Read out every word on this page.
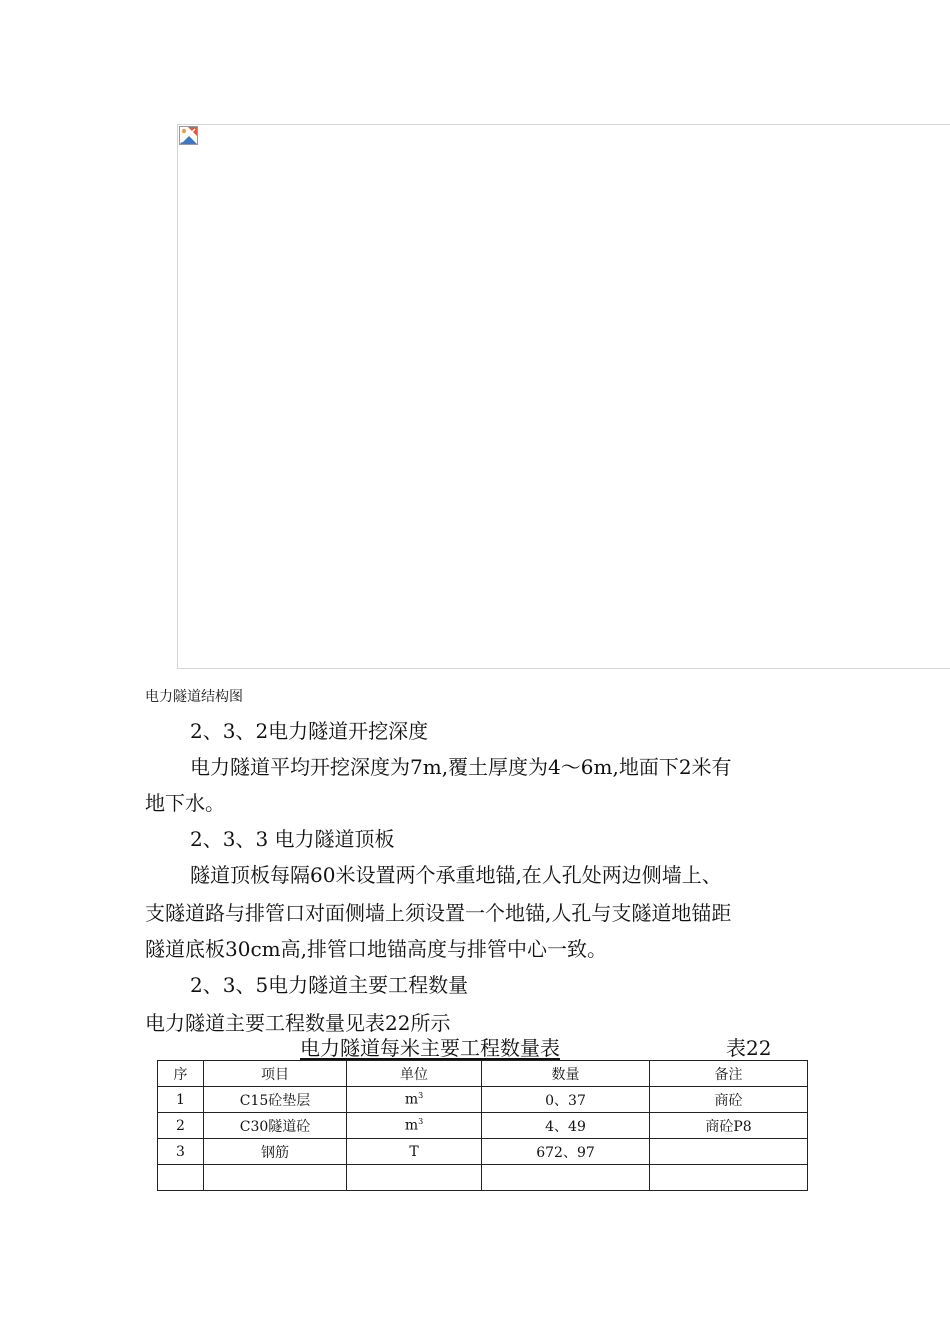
电力隧道结构图
2、3、2电力隧道开挖深度
电力隧道平均开挖深度为7m,覆土厚度为4～6m,地面下2米有
地下水。
2、3、3 电力隧道顶板
隧道顶板每隔60米设置两个承重地锚,在人孔处两边侧墙上、
支隧道路与排管口对面侧墙上须设置一个地锚,人孔与支隧道地锚距
隧道底板30cm高,排管口地锚高度与排管中心一致。
2、3、5电力隧道主要工程数量
电力隧道主要工程数量见表22所示
电力隧道每米主要工程数量表	表22
序	项目	单位	数量	备注
1	C15砼垫层	$m^3$	0、37	商砼
2	C30隧道砼	$m^3$	4、49	商砼P8
3	钢筋	T	672、97	
